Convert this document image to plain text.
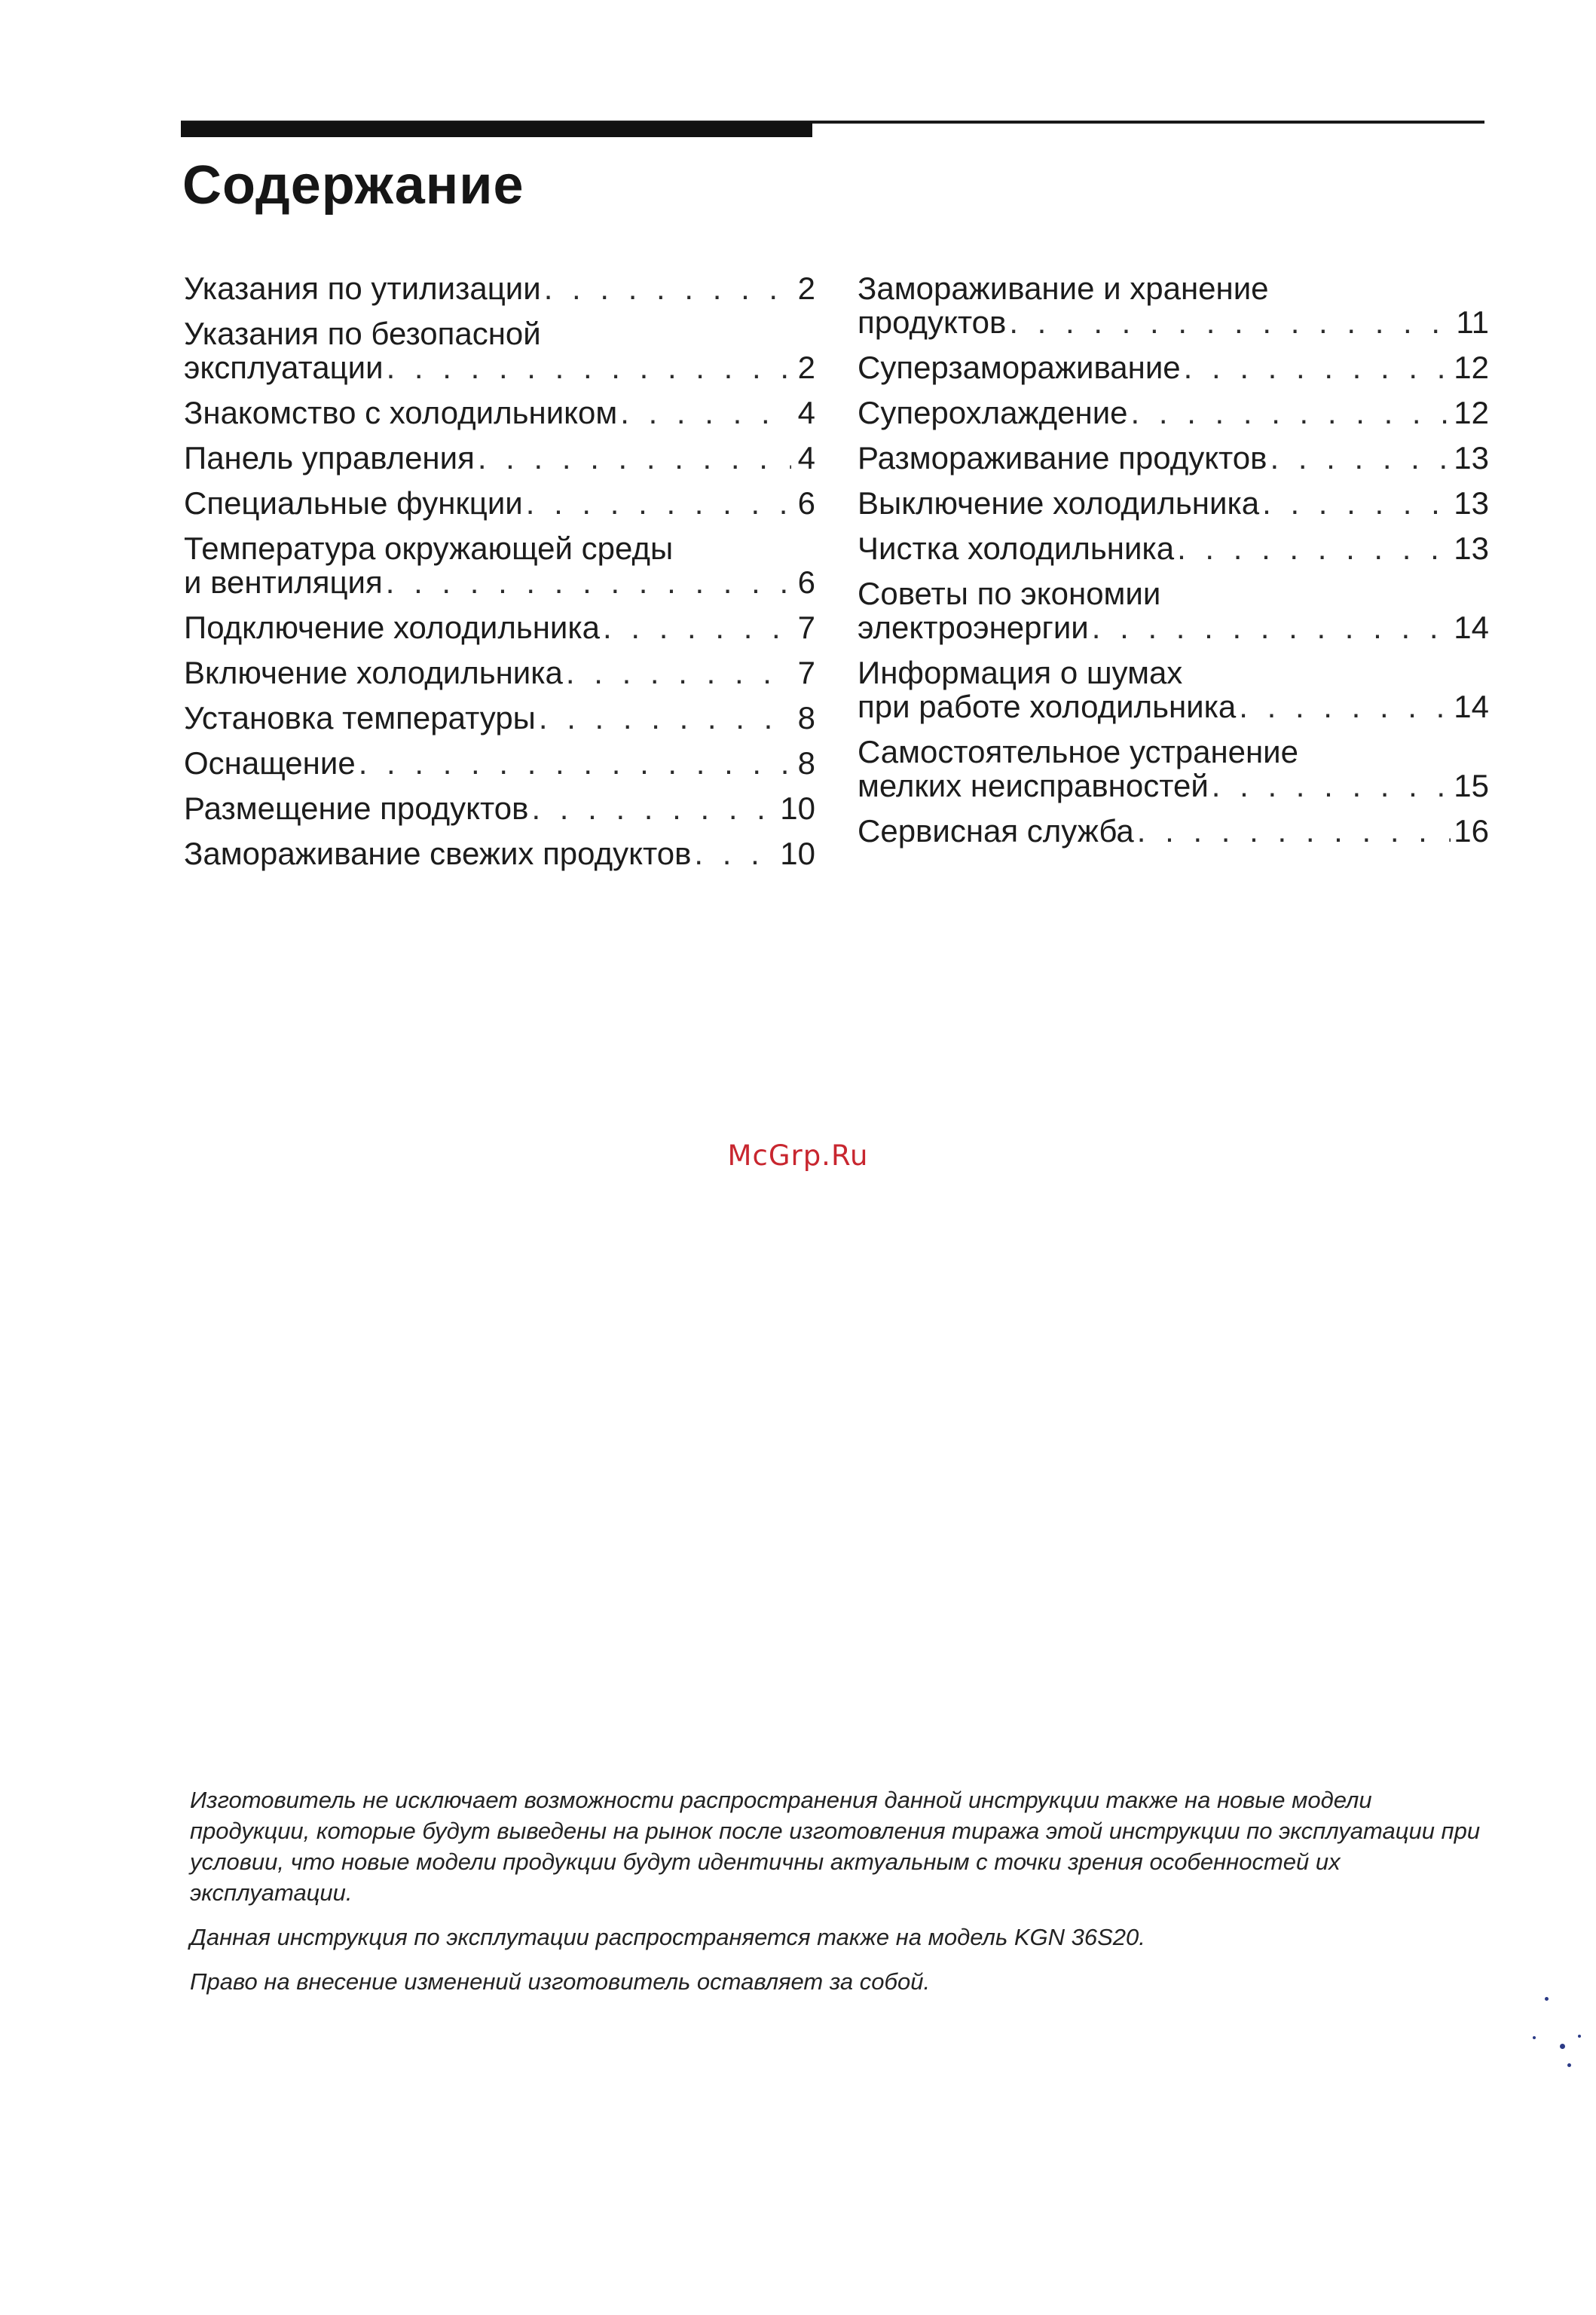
Содержание
Указания по утилизации . . .	2
Указания по безопасной
эксплуатации . . .	2
Знакомство с холодильником . . .	4
Панель управления . . .	4
Специальные функции . . .	6
Температура окружающей среды
и вентиляция . . .	6
Подключение холодильника . . .	7
Включение холодильника . . .	7
Установка температуры . . .	8
Оснащение . . .	8
Размещение продуктов . . .	10
Замораживание свежих продуктов . . .	10
Замораживание и хранение
продуктов . . .	11
Суперзамораживание . . .	12
Суперохлаждение . . .	12
Размораживание продуктов . . .	13
Выключение холодильника . . .	13
Чистка холодильника . . .	13
Советы по экономии
электроэнергии . . .	14
Информация о шумах
при работе холодильника . . .	14
Самостоятельное устранение
мелких неисправностей . . .	15
Сервисная служба . . .	16
McGrp.Ru

Изготовитель не исключает возможности распространения данной инструкции также на новые модели продукции, которые будут выведены на рынок после изготовления тиража этой инструкции по эксплуатации при условии, что новые модели продукции будут идентичны актуальным с точки зрения особенностей их эксплуатации.

Данная инструкция по эксплутации распространяется также на модель KGN 36S20.

Право на внесение изменений изготовитель оставляет за собой.
